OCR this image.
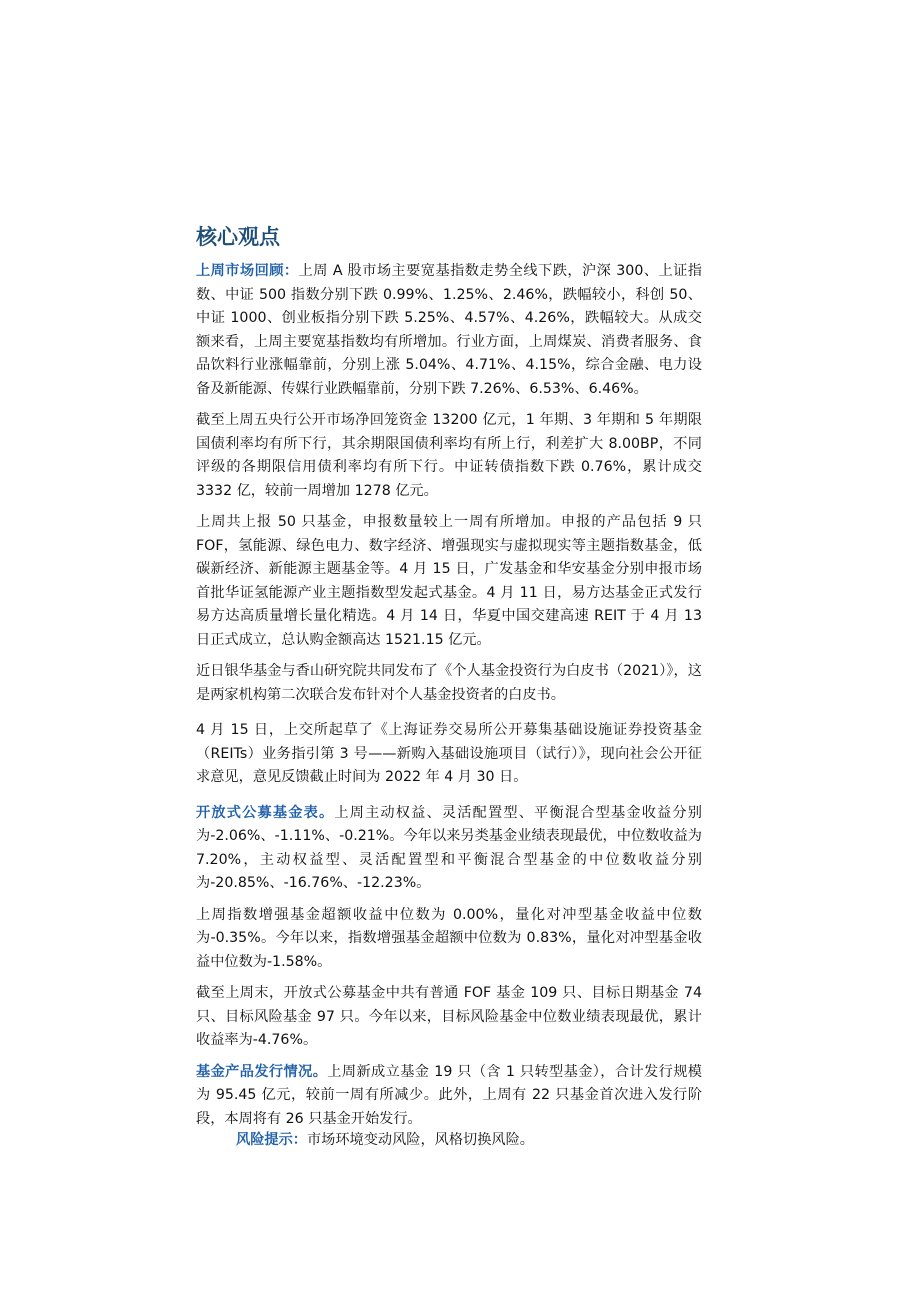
核心观点

上周市场回顾：上周 A 股市场主要宽基指数走势全线下跌，沪深 300、上证指数、中证 500 指数分别下跌 0.99%、1.25%、2.46%，跌幅较小，科创 50、中证 1000、创业板指分别下跌 5.25%、4.57%、4.26%，跌幅较大。从成交额来看，上周主要宽基指数均有所增加。行业方面，上周煤炭、消费者服务、食品饮料行业涨幅靠前，分别上涨 5.04%、4.71%、4.15%，综合金融、电力设备及新能源、传媒行业跌幅靠前，分别下跌 7.26%、6.53%、6.46%。

截至上周五央行公开市场净回笼资金 13200 亿元，1 年期、3 年期和 5 年期限国债利率均有所下行，其余期限国债利率均有所上行，利差扩大 8.00BP，不同评级的各期限信用债利率均有所下行。中证转债指数下跌 0.76%，累计成交 3332 亿，较前一周增加 1278 亿元。

上周共上报 50 只基金，申报数量较上一周有所增加。申报的产品包括 9 只 FOF，氢能源、绿色电力、数字经济、增强现实与虚拟现实等主题指数基金，低碳新经济、新能源主题基金等。4 月 15 日，广发基金和华安基金分别申报市场首批华证氢能源产业主题指数型发起式基金。4 月 11 日，易方达基金正式发行易方达高质量增长量化精选。4 月 14 日，华夏中国交建高速 REIT 于 4 月 13 日正式成立，总认购金额高达 1521.15 亿元。

近日银华基金与香山研究院共同发布了《个人基金投资行为白皮书（2021）》，这是两家机构第二次联合发布针对个人基金投资者的白皮书。

4 月 15 日，上交所起草了《上海证券交易所公开募集基础设施证券投资基金（REITs）业务指引第 3 号——新购入基础设施项目（试行）》，现向社会公开征求意见，意见反馈截止时间为 2022 年 4 月 30 日。

开放式公募基金表。上周主动权益、灵活配置型、平衡混合型基金收益分别为-2.06%、-1.11%、-0.21%。今年以来另类基金业绩表现最优，中位数收益为 7.20%，主动权益型、灵活配置型和平衡混合型基金的中位数收益分别为-20.85%、-16.76%、-12.23%。

上周指数增强基金超额收益中位数为 0.00%，量化对冲型基金收益中位数为-0.35%。今年以来，指数增强基金超额中位数为 0.83%，量化对冲型基金收益中位数为-1.58%。

截至上周末，开放式公募基金中共有普通 FOF 基金 109 只、目标日期基金 74 只、目标风险基金 97 只。今年以来，目标风险基金中位数业绩表现最优，累计收益率为-4.76%。

基金产品发行情况。上周新成立基金 19 只（含 1 只转型基金），合计发行规模为 95.45 亿元，较前一周有所减少。此外，上周有 22 只基金首次进入发行阶段，本周将有 26 只基金开始发行。

风险提示：市场环境变动风险，风格切换风险。
